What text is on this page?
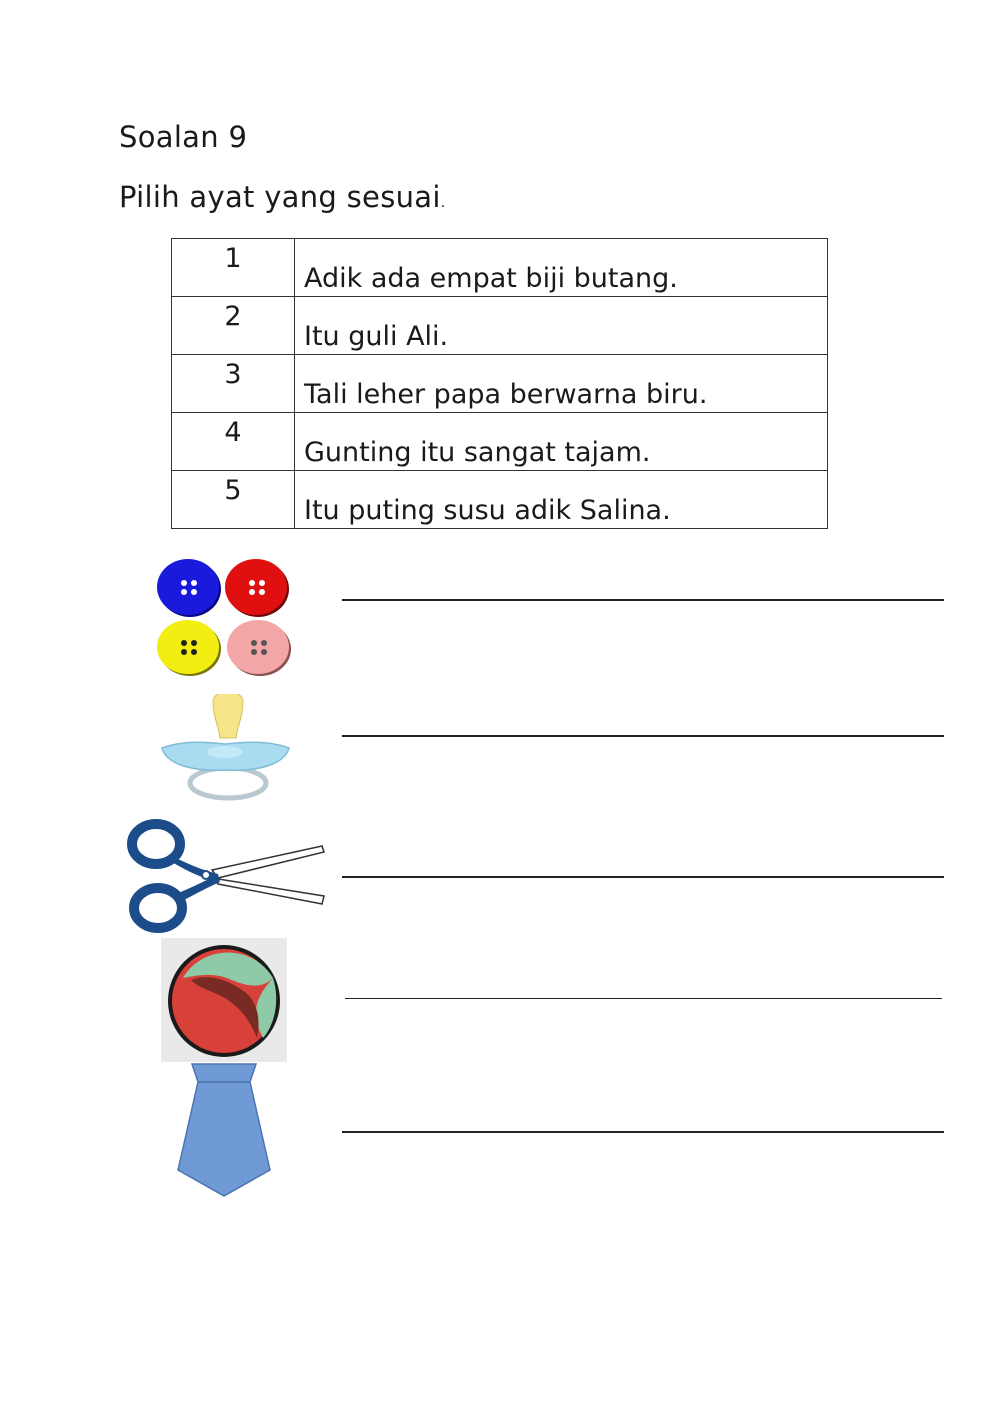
Soalan 9
Pilih ayat yang sesuai.
1	Adik ada empat biji butang.
2	Itu guli Ali.
3	Tali leher papa berwarna biru.
4	Gunting itu sangat tajam.
5	Itu puting susu adik Salina.
